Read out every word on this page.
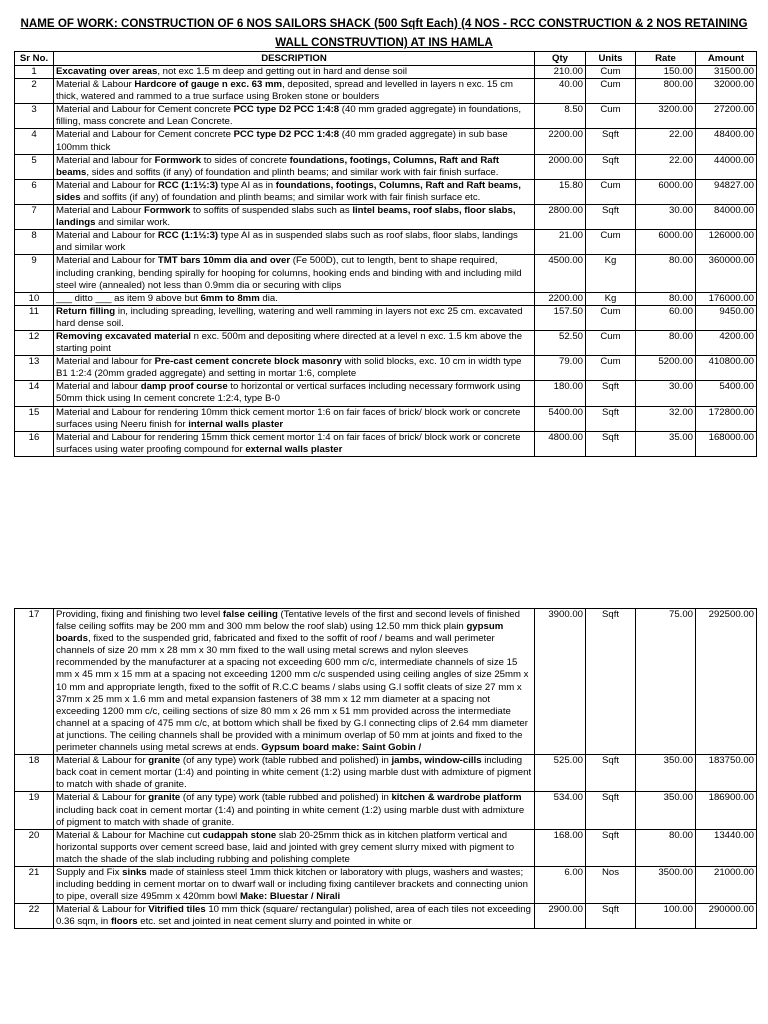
NAME OF WORK: CONSTRUCTION OF 6 NOS SAILORS SHACK (500 Sqft Each) (4 NOS - RCC CONSTRUCTION & 2 NOS RETAINING
WALL CONSTRUVTION) AT INS HAMLA
Sr No.	DESCRIPTION	Qty	Units	Rate	Amount
1	Excavating over areas, not exc 1.5 m deep and getting out in hard and dense soil	210.00	Cum	150.00	31500.00
2	Material & Labour Hardcore of gauge n exc. 63 mm, deposited, spread and levelled in layers n exc. 15 cm thick, watered and rammed to a true surface using Broken stone or boulders	40.00	Cum	800.00	32000.00
3	Material and Labour for Cement concrete PCC type D2 PCC 1:4:8 (40 mm graded aggregate) in foundations, filling, mass concrete and Lean Concrete.	8.50	Cum	3200.00	27200.00
4	Material and Labour for Cement concrete PCC type D2 PCC 1:4:8 (40 mm graded aggregate) in sub base 100mm thick	2200.00	Sqft	22.00	48400.00
5	Material and labour for Formwork to sides of concrete foundations, footings, Columns, Raft and Raft beams, sides and soffits (if any) of foundation and plinth beams; and similar work with fair finish surface.	2000.00	Sqft	22.00	44000.00
6	Material and Labour for RCC (1:1½:3) type AI as in foundations, footings, Columns, Raft and Raft beams, sides and soffits (if any) of foundation and plinth beams; and similar work with fair finish surface etc.	15.80	Cum	6000.00	94827.00
7	Material and Labour Formwork to soffits of suspended slabs such as lintel beams, roof slabs, floor slabs, landings and similar work.	2800.00	Sqft	30.00	84000.00
8	Material and Labour for RCC (1:1½:3) type AI as in suspended slabs such as roof slabs, floor slabs, landings and similar work	21.00	Cum	6000.00	126000.00
9	Material and Labour for TMT bars 10mm dia and over (Fe 500D), cut to length, bent to shape required, including cranking, bending spirally for hooping for columns, hooking ends and binding with and including mild steel wire (annealed) not less than 0.9mm dia or securing with clips	4500.00	Kg	80.00	360000.00
10	___ ditto ___ as item 9 above but 6mm to 8mm dia.	2200.00	Kg	80.00	176000.00
11	Return filling in, including spreading, levelling, watering and well ramming in layers not exc 25 cm. excavated hard dense soil.	157.50	Cum	60.00	9450.00
12	Removing excavated material n exc. 500m and depositing where directed at a level n exc. 1.5 km above the starting point	52.50	Cum	80.00	4200.00
13	Material and labour for Pre-cast cement concrete block masonry with solid blocks, exc. 10 cm in width type B1 1:2:4 (20mm graded aggregate) and setting in mortar 1:6, complete	79.00	Cum	5200.00	410800.00
14	Material and labour damp proof course to horizontal or vertical surfaces including necessary formwork using 50mm thick using In cement concrete 1:2:4, type B-0	180.00	Sqft	30.00	5400.00
15	Material and Labour for rendering 10mm thick cement mortor 1:6 on fair faces of brick/ block work or concrete surfaces using Neeru finish for internal walls plaster	5400.00	Sqft	32.00	172800.00
16	Material and Labour for rendering 15mm thick cement mortor 1:4 on fair faces of brick/ block work or concrete surfaces using water proofing compound for external walls plaster	4800.00	Sqft	35.00	168000.00
17	Providing, fixing and finishing two level false ceiling (Tentative levels of the first and second levels of finished false ceiling soffits may be 200 mm and 300 mm below the roof slab) using 12.50 mm thick plain gypsum boards, fixed to the suspended grid, fabricated and fixed to the soffit of roof / beams and wall perimeter channels of size 20 mm x 28 mm x 30 mm fixed to the wall using metal screws and nylon sleeves recommended by the manufacturer at a spacing not exceeding 600 mm c/c, intermediate channels of size 15 mm x 45 mm x 15 mm at a spacing not exceeding 1200 mm c/c suspended using ceiling angles of size 25mm x 10 mm and appropriate length, fixed to the soffit of R.C.C beams / slabs using G.I soffit cleats of size 27 mm x 37mm x 25 mm x 1.6 mm and metal expansion fasteners of 38 mm x 12 mm diameter at a spacing not exceeding 1200 mm c/c, ceiling sections of size 80 mm x 26 mm x 51 mm provided across the intermediate channel at a spacing of 475 mm c/c, at bottom which shall be fixed by G.I connecting clips of 2.64 mm diameter at junctions. The ceiling channels shall be provided with a minimum overlap of 50 mm at joints and fixed to the perimeter channels using metal screws at ends. Gypsum board make: Saint Gobin /	3900.00	Sqft	75.00	292500.00
18	Material & Labour for granite (of any type) work (table rubbed and polished) in jambs, window-cills including back coat in cement mortar (1:4) and pointing in white cement (1:2) using marble dust with admixture of pigment to match with shade of granite.	525.00	Sqft	350.00	183750.00
19	Material & Labour for granite (of any type) work (table rubbed and polished) in kitchen & wardrobe platform including back coat in cement mortar (1:4) and pointing in white cement (1:2) using marble dust with admixture of pigment to match with shade of granite.	534.00	Sqft	350.00	186900.00
20	Material & Labour for Machine cut cudappah stone slab 20-25mm thick as in kitchen platform vertical and horizontal supports over cement screed base, laid and jointed with grey cement slurry mixed with pigment to match the shade of the slab including rubbing and polishing complete	168.00	Sqft	80.00	13440.00
21	Supply and Fix sinks made of stainless steel 1mm thick kitchen or laboratory with plugs, washers and wastes; including bedding in cement mortar on to dwarf wall or including fixing cantilever brackets and connecting union to pipe, overall size 495mm x 420mm bowl Make: Bluestar / Nirali	6.00	Nos	3500.00	21000.00
22	Material & Labour for Vitrified tiles 10 mm thick (square/ rectangular) polished, area of each tiles not exceeding 0.36 sqm, in floors etc. set and jointed in neat cement slurry and pointed in white or	2900.00	Sqft	100.00	290000.00
